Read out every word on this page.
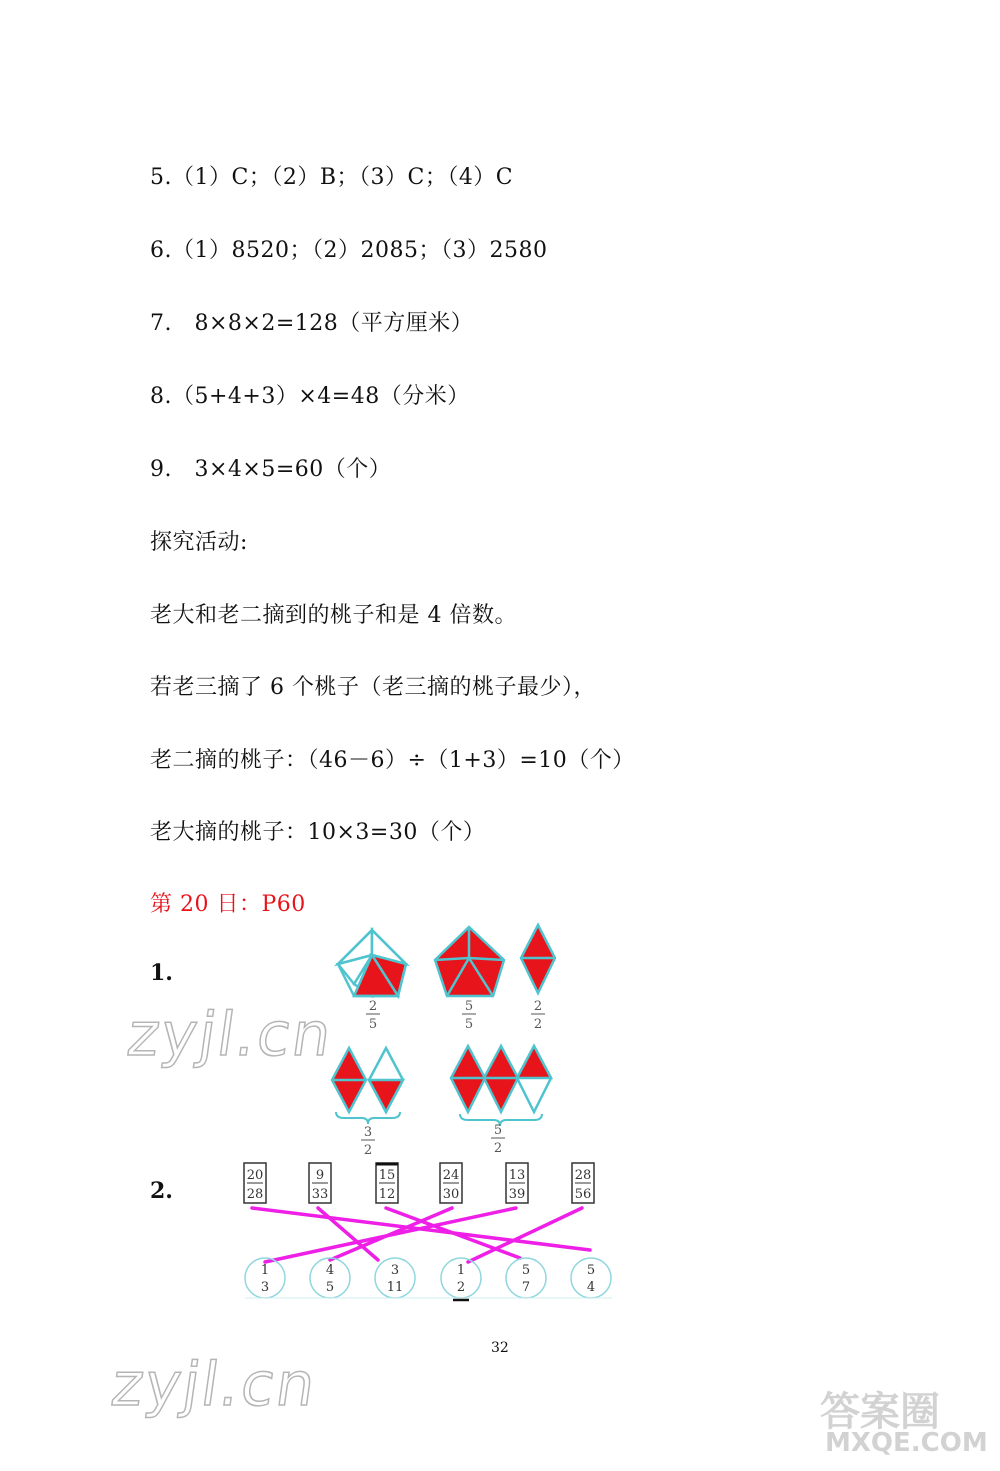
5.（1）C；（2）B；（3）C；（4）C
6.（1）8520；（2）2085；（3）2580
7.　8×8×2=128（平方厘米）
8.（5+4+3）×4=48（分米）
9.　3×4×5=60（个）
探究活动:
老大和老二摘到的桃子和是 4 倍数。
若老三摘了 6 个桃子（老三摘的桃子最少），
老二摘的桃子：（46－6）÷（1+3）=10（个）
老大摘的桃子：10×3=30（个）
第 20 日：P60
1.
2.
2
5
5
5
2
2
3
2
5
2
20
28
9
33
15
12
24
30
13
39
28
56
1
3
4
5
3
11
1
2
5
7
5
4
32
zyjl.cn
zyjl.cn	答案圈
MXQE.COM
